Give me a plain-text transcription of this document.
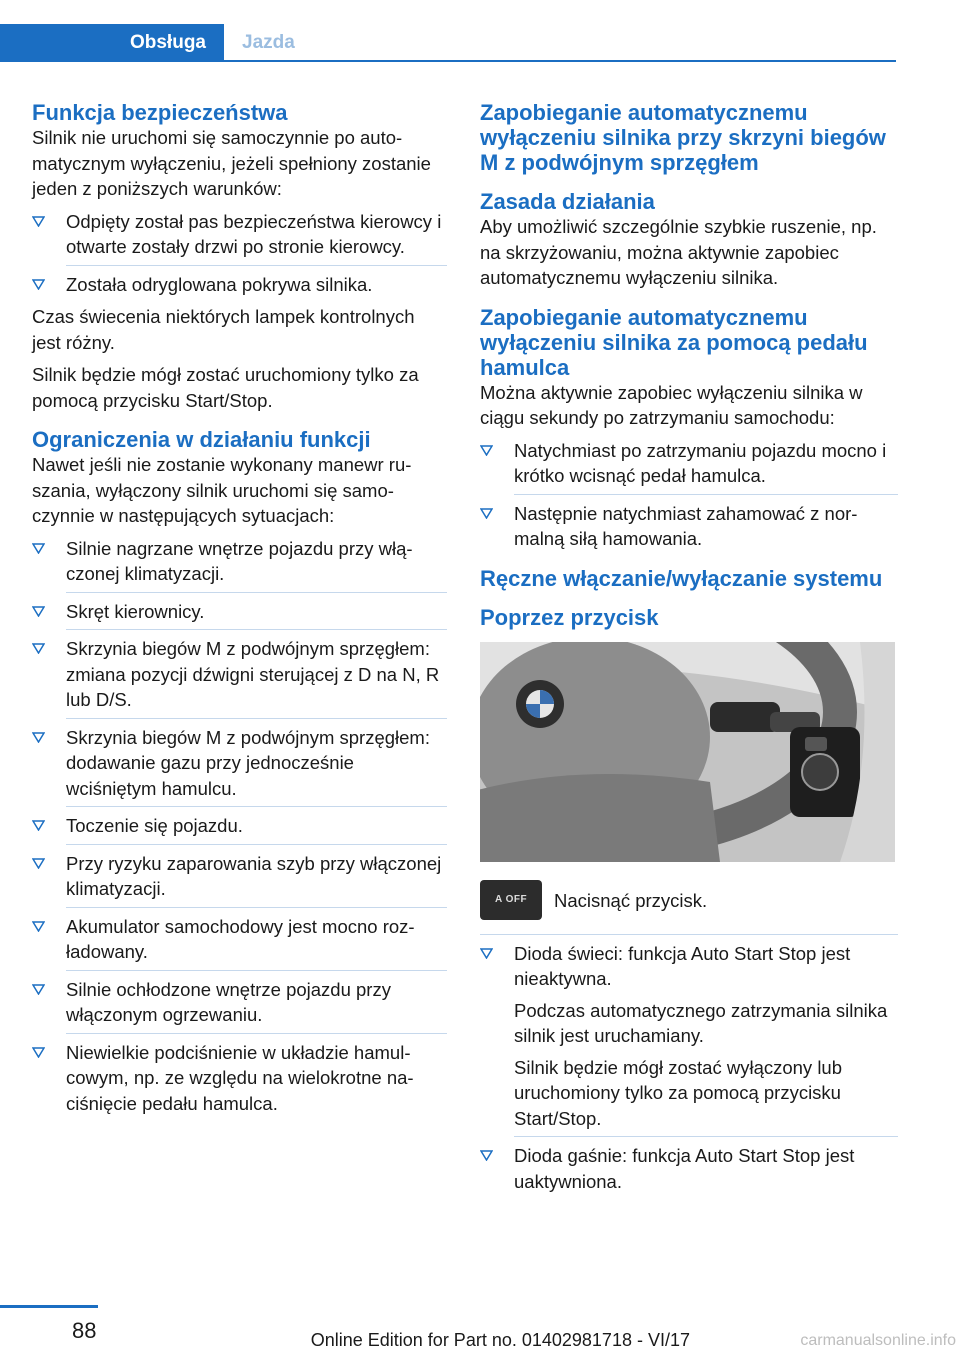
Obsługa	Jazda
Funkcja bezpieczeństwa

Silnik nie uruchomi się samoczynnie po automatycznym wyłączeniu, jeżeli spełniony zostanie jeden z poniższych warunków:

Odpięty został pas bezpieczeństwa kierowcy i otwarte zostały drzwi po stronie kierowcy.
Została odryglowana pokrywa silnika.

Czas świecenia niektórych lampek kontrolnych jest różny.

Silnik będzie mógł zostać uruchomiony tylko za pomocą przycisku Start/Stop.

Ograniczenia w działaniu funkcji

Nawet jeśli nie zostanie wykonany manewr ruszania, wyłączony silnik uruchomi się samoczynnie w następujących sytuacjach:

Silnie nagrzane wnętrze pojazdu przy włączonej klimatyzacji.
Skręt kierownicy.
Skrzynia biegów M z podwójnym sprzęgłem: zmiana pozycji dźwigni sterującej z D na N, R lub D/S.
Skrzynia biegów M z podwójnym sprzęgłem: dodawanie gazu przy jednocześnie wciśniętym hamulcu.
Toczenie się pojazdu.
Przy ryzyku zaparowania szyb przy włączonej klimatyzacji.
Akumulator samochodowy jest mocno rozładowany.
Silnie ochłodzone wnętrze pojazdu przy włączonym ogrzewaniu.
Niewielkie podciśnienie w układzie hamulcowym, np. ze względu na wielokrotne naciśnięcie pedału hamulca.
Zapobieganie automatycznemu wyłączeniu silnika przy skrzyni biegów M z podwójnym sprzęgłem
Zasada działania

Aby umożliwić szczególnie szybkie ruszenie, np. na skrzyżowaniu, można aktywnie zapobiec automatycznemu wyłączeniu silnika.

Zapobieganie automatycznemu wyłączeniu silnika za pomocą pedału hamulca

Można aktywnie zapobiec wyłączeniu silnika w ciągu sekundy po zatrzymaniu samochodu:

Natychmiast po zatrzymaniu pojazdu mocno i krótko wcisnąć pedał hamulca.
Następnie natychmiast zahamować z normalną siłą hamowania.
Ręczne włączanie/wyłączanie systemu
Poprzez przycisk
A OFF Nacisnąć przycisk.
Dioda świeci: funkcja Auto Start Stop jest nieaktywna.
Podczas automatycznego zatrzymania silnika silnik jest uruchamiany.
Silnik będzie mógł zostać wyłączony lub uruchomiony tylko za pomocą przycisku Start/Stop.
Dioda gaśnie: funkcja Auto Start Stop jest uaktywniona.
88	Online Edition for Part no. 01402981718 - VI/17	carmanualsonline.info
